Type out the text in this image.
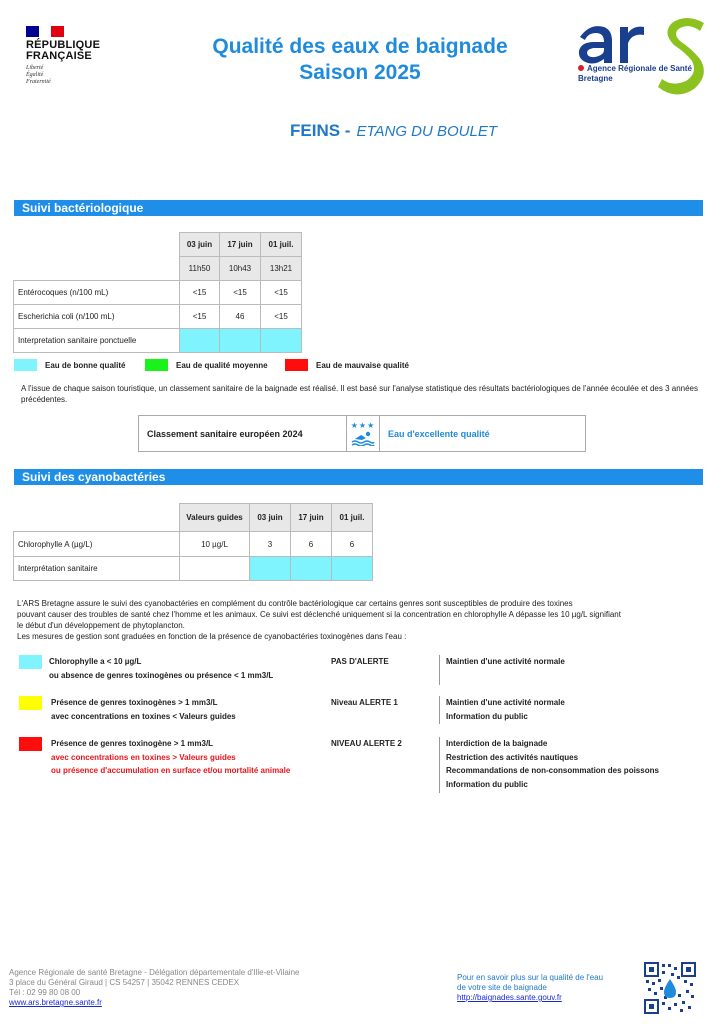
RÉPUBLIQUE
FRANÇAISE
Liberté
Égalité
Fraternité
Qualité des eaux de baignade
Saison 2025	Agence Régionale de Santé
Bretagne
FEINS - ETANG DU BOULET
Suivi bactériologique
	03 juin	17 juin	01 juil.
	11h50	10h43	13h21
Entérocoques (n/100 mL)	<15	<15	<15
Escherichia coli (n/100 mL)	<15	46	<15
Interpretation sanitaire ponctuelle			
Eau de bonne qualité	Eau de qualité moyenne	Eau de mauvaise qualité
A l'issue de chaque saison touristique, un classement sanitaire de la baignade est réalisé. Il est basé sur l'analyse statistique des résultats bactériologiques de l'année écoulée et des 3 années précédentes.
Classement sanitaire européen 2024
★★★
Eau d'excellente qualité
Suivi des cyanobactéries
	Valeurs guides	03 juin	17 juin	01 juil.
Chlorophylle A (µg/L)	10 µg/L	3	6	6
Interprétation sanitaire				
L'ARS Bretagne assure le suivi des cyanobactéries en complément du contrôle bactériologique car certains genres sont susceptibles de produire des toxines
pouvant causer des troubles de santé chez l'homme et les animaux. Ce suivi est déclenché uniquement si la concentration en chlorophylle A dépasse les 10 µg/L signifiant
le début d'un développement de phytoplancton.
Les mesures de gestion sont graduées en fonction de la présence de cyanobactéries toxinogènes dans l'eau :
Chlorophylle a < 10 µg/L
ou absence de genres toxinogènes ou présence < 1 mm3/L
PAS D'ALERTE	Maintien d'une activité normale
Présence de genres toxinogènes > 1 mm3/L
avec concentrations en toxines < Valeurs guides
Niveau ALERTE 1	Maintien d'une activité normale
Information du public
Présence de genres toxinogène > 1 mm3/L
avec concentrations en toxines > Valeurs guides
ou présence d'accumulation en surface et/ou mortalité animale
NIVEAU ALERTE 2	Interdiction de la baignade
Restriction des activités nautiques
Recommandations de non-consommation des poissons
Information du public
Agence Régionale de santé Bretagne - Délégation départementale d'Ille-et-Vilaine
3 place du Général Giraud | CS 54257 | 35042 RENNES CEDEX
Tél : 02 99 80 08 00
www.ars.bretagne.sante.fr
Pour en savoir plus sur la qualité de l'eau
de votre site de baignade
http://baignades.sante.gouv.fr
